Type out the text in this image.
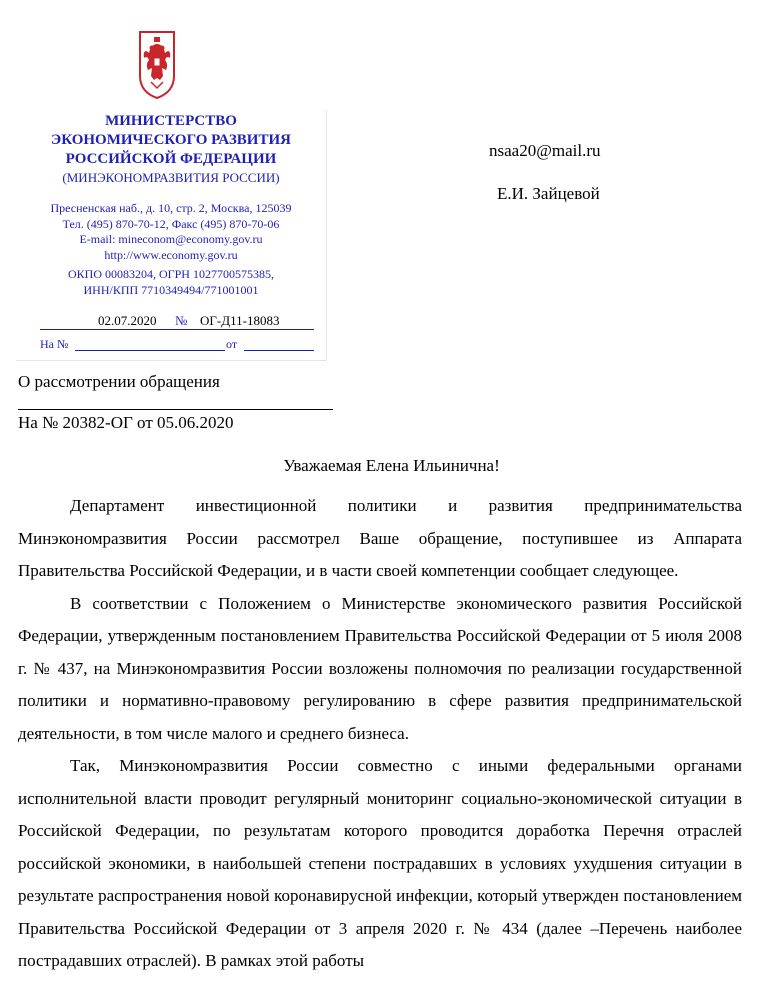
МИНИСТЕРСТВО
ЭКОНОМИЧЕСКОГО РАЗВИТИЯ
РОССИЙСКОЙ ФЕДЕРАЦИИ
(МИНЭКОНОМРАЗВИТИЯ РОССИИ)
Пресненская наб., д. 10, стр. 2, Москва, 125039
Тел. (495) 870-70-12, Факс (495) 870-70-06
E-mail: mineconom@economy.gov.ru
http://www.economy.gov.ru
ОКПО 00083204, ОГРН 1027700575385,
ИНН/КПП 7710349494/771001001
02.07.2020 № ОГ-Д11-18083
На №	от
nsaa20@mail.ru
Е.И. Зайцевой
О рассмотрении обращения
На № 20382-ОГ от 05.06.2020
Уважаемая Елена Ильинична!

Департамент инвестиционной политики и развития предпринимательства Минэкономразвития России рассмотрел Ваше обращение, поступившее из Аппарата Правительства Российской Федерации, и в части своей компетенции сообщает следующее.

В соответствии с Положением о Министерстве экономического развития Российской Федерации, утвержденным постановлением Правительства Российской Федерации от 5 июля 2008 г. № 437, на Минэкономразвития России возложены полномочия по реализации государственной политики и нормативно-правовому регулированию в сфере развития предпринимательской деятельности, в том числе малого и среднего бизнеса.

Так, Минэкономразвития России совместно с иными федеральными органами исполнительной власти проводит регулярный мониторинг социально-экономической ситуации в Российской Федерации, по результатам которого проводится доработка Перечня отраслей российской экономики, в наибольшей степени пострадавших в условиях ухудшения ситуации в результате распространения новой коронавирусной инфекции, который утвержден постановлением Правительства Российской Федерации от 3 апреля 2020 г. № 434 (далее –Перечень наиболее пострадавших отраслей). В рамках этой работы
